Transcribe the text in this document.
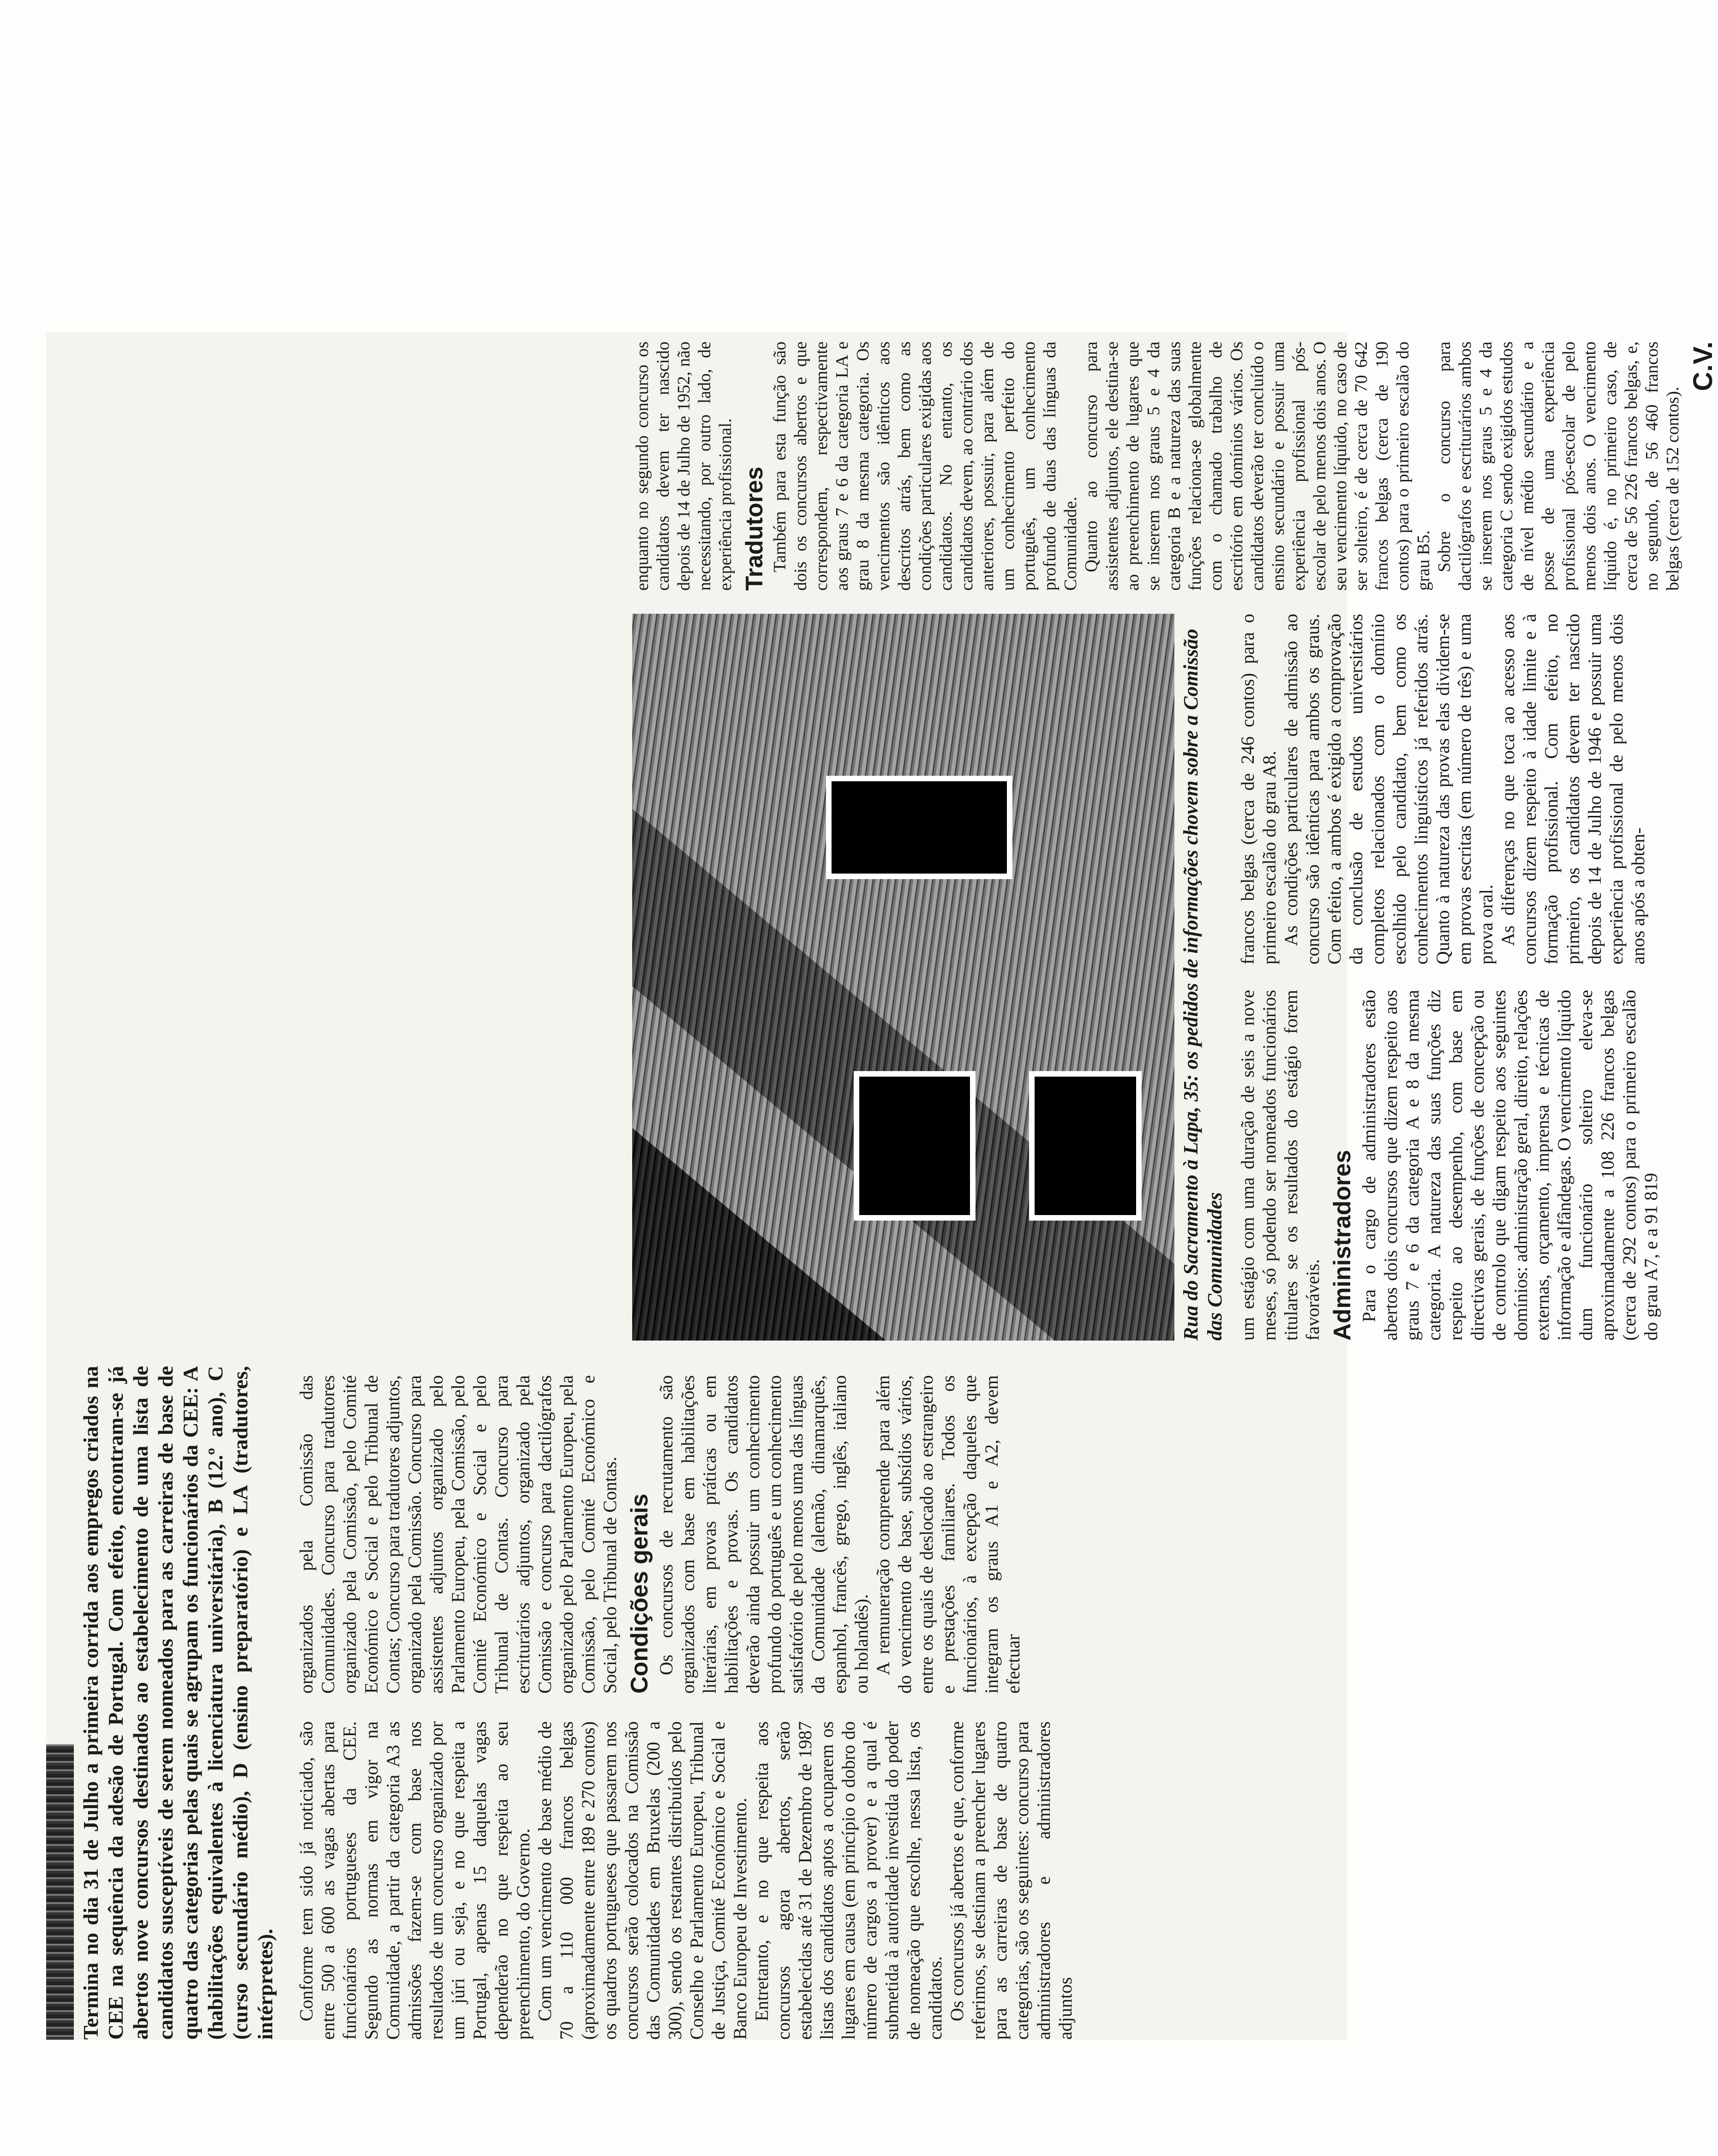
Termina no dia 31 de Julho a primeira corrida aos empregos criados na CEE na sequência da adesão de Portugal. Com efeito, encontram-se já abertos nove concursos destinados ao estabelecimento de uma lista de candidatos susceptíveis de serem nomeados para as carreiras de base de quatro das categorias pelas quais se agrupam os funcionários da CEE: A (habilitações equivalentes à licenciatura universitária), B (12.º ano), C (curso secundário médio), D (ensino preparatório) e LA (tradutores, intérpretes). Conforme tem sido já noticiado, são entre 500 a 600 as vagas abertas para funcionários portugueses da CEE. Segundo as normas em vigor na Comunidade, a partir da categoria A3 as admissões fazem-se com base nos resultados de um concurso organizado por um júri ou seja, e no que respeita a Portugal, apenas 15 daquelas vagas dependerão no que respeita ao seu preenchimento, do Governo. Com um vencimento de base médio de 70 a 110 000 francos belgas (aproximadamente entre 189 e 270 contos) os quadros portugueses que passarem nos concursos serão colocados na Comissão das Comunidades em Bruxelas (200 a 300), sendo os restantes distribuídos pelo Conselho e Parlamento Europeu, Tribunal de Justiça, Comité Económico e Social e Banco Europeu de Investimento. Entretanto, e no que respeita aos concursos agora abertos, serão estabelecidas até 31 de Dezembro de 1987 listas dos candidatos aptos a ocuparem os lugares em causa (em princípio o dobro do número de cargos a prover) e a qual é submetida à autoridade investida do poder de nomeação que escolhe, nessa lista, os candidatos. Os concursos já abertos e que, conforme referimos, se destinam a preencher lugares para as carreiras de base de quatro categorias, são os seguintes: concurso para administradores e administradores adjuntos

organizados pela Comissão das Comunidades. Concurso para tradutores organizado pela Comissão, pelo Comité Económico e Social e pelo Tribunal de Contas; Concurso para tradutores adjuntos, organizado pela Comissão. Concurso para assistentes adjuntos organizado pelo Parlamento Europeu, pela Comissão, pelo Comité Económico e Social e pelo Tribunal de Contas. Concurso para escriturários adjuntos, organizado pela Comissão e concurso para dactilógrafos organizado pelo Parlamento Europeu, pela Comissão, pelo Comité Económico e Social, pelo Tribunal de Contas. Condições gerais Os concursos de recrutamento são organizados com base em habilitações literárias, em provas práticas ou em habilitações e provas. Os candidatos deverão ainda possuir um conhecimento profundo do português e um conhecimento satisfatório de pelo menos uma das línguas da Comunidade (alemão, dinamarquês, espanhol, francês, grego, inglês, italiano ou holandês). A remuneração compreende para além do vencimento de base, subsídios vários, entre os quais de deslocado ao estrangeiro e prestações familiares. Todos os funcionários, à excepção daqueles que integram os graus A1 e A2, devem efectuar

Rua do Sacramento à Lapa, 35: os pedidos de informações chovem sobre a Comissão das Comunidades um estágio com uma duração de seis a nove meses, só podendo ser nomeados funcionários titulares se os resultados do estágio forem favoráveis. Administradores Para o cargo de administradores estão abertos dois concursos que dizem respeito aos graus 7 e 6 da categoria A e 8 da mesma categoria. A natureza das suas funções diz respeito ao desempenho, com base em directivas gerais, de funções de concepção ou de controlo que digam respeito aos seguintes domínios: administração geral, direito, relações externas, orçamento, imprensa e técnicas de informação e alfândegas. O vencimento líquido dum funcionário solteiro eleva-se aproximadamente a 108 226 francos belgas (cerca de 292 contos) para o primeiro escalão do grau A7, e a 91 819

francos belgas (cerca de 246 contos) para o primeiro escalão do grau A8. As condições particulares de admissão ao concurso são idênticas para ambos os graus. Com efeito, a ambos é exigido a comprovação da conclusão de estudos universitários completos relacionados com o domínio escolhido pelo candidato, bem como os conhecimentos linguísticos já referidos atrás. Quanto à natureza das provas elas dividem-se em provas escritas (em número de três) e uma prova oral. As diferenças no que toca ao acesso aos concursos dizem respeito à idade limite e à formação profissional. Com efeito, no primeiro, os candidatos devem ter nascido depois de 14 de Julho de 1946 e possuir uma experiência profissional de pelo menos dois anos após a obten-

enquanto no segundo concurso os candidatos devem ter nascido depois de 14 de Julho de 1952, não necessitando, por outro lado, de experiência profissional. Tradutores Também para esta função são dois os concursos abertos e que correspondem, respectivamente aos graus 7 e 6 da categoria LA e grau 8 da mesma categoria. Os vencimentos são idênticos aos descritos atrás, bem como as condições particulares exigidas aos candidatos. No entanto, os candidatos devem, ao contrário dos anteriores, possuir, para além de um conhecimento perfeito do português, um conhecimento profundo de duas das línguas da Comunidade. Quanto ao concurso para assistentes adjuntos, ele destina-se ao preenchimento de lugares que se inserem nos graus 5 e 4 da categoria B e a natureza das suas funções relaciona-se globalmente com o chamado trabalho de escritório em domínios vários. Os candidatos deverão ter concluído o ensino secundário e possuir uma experiência profissional pós-escolar de pelo menos dois anos. O seu vencimento líquido, no caso de ser solteiro, é de cerca de 70 642 francos belgas (cerca de 190 contos) para o primeiro escalão do grau B5. Sobre o concurso para dactilógrafos e escriturários ambos se inserem nos graus 5 e 4 da categoria C sendo exigidos estudos de nível médio secundário e a posse de uma experiência profissional pós-escolar de pelo menos dois anos. O vencimento líquido é, no primeiro caso, de cerca de 56 226 francos belgas, e, no segundo, de 56 460 francos belgas (cerca de 152 contos).

C.V.
